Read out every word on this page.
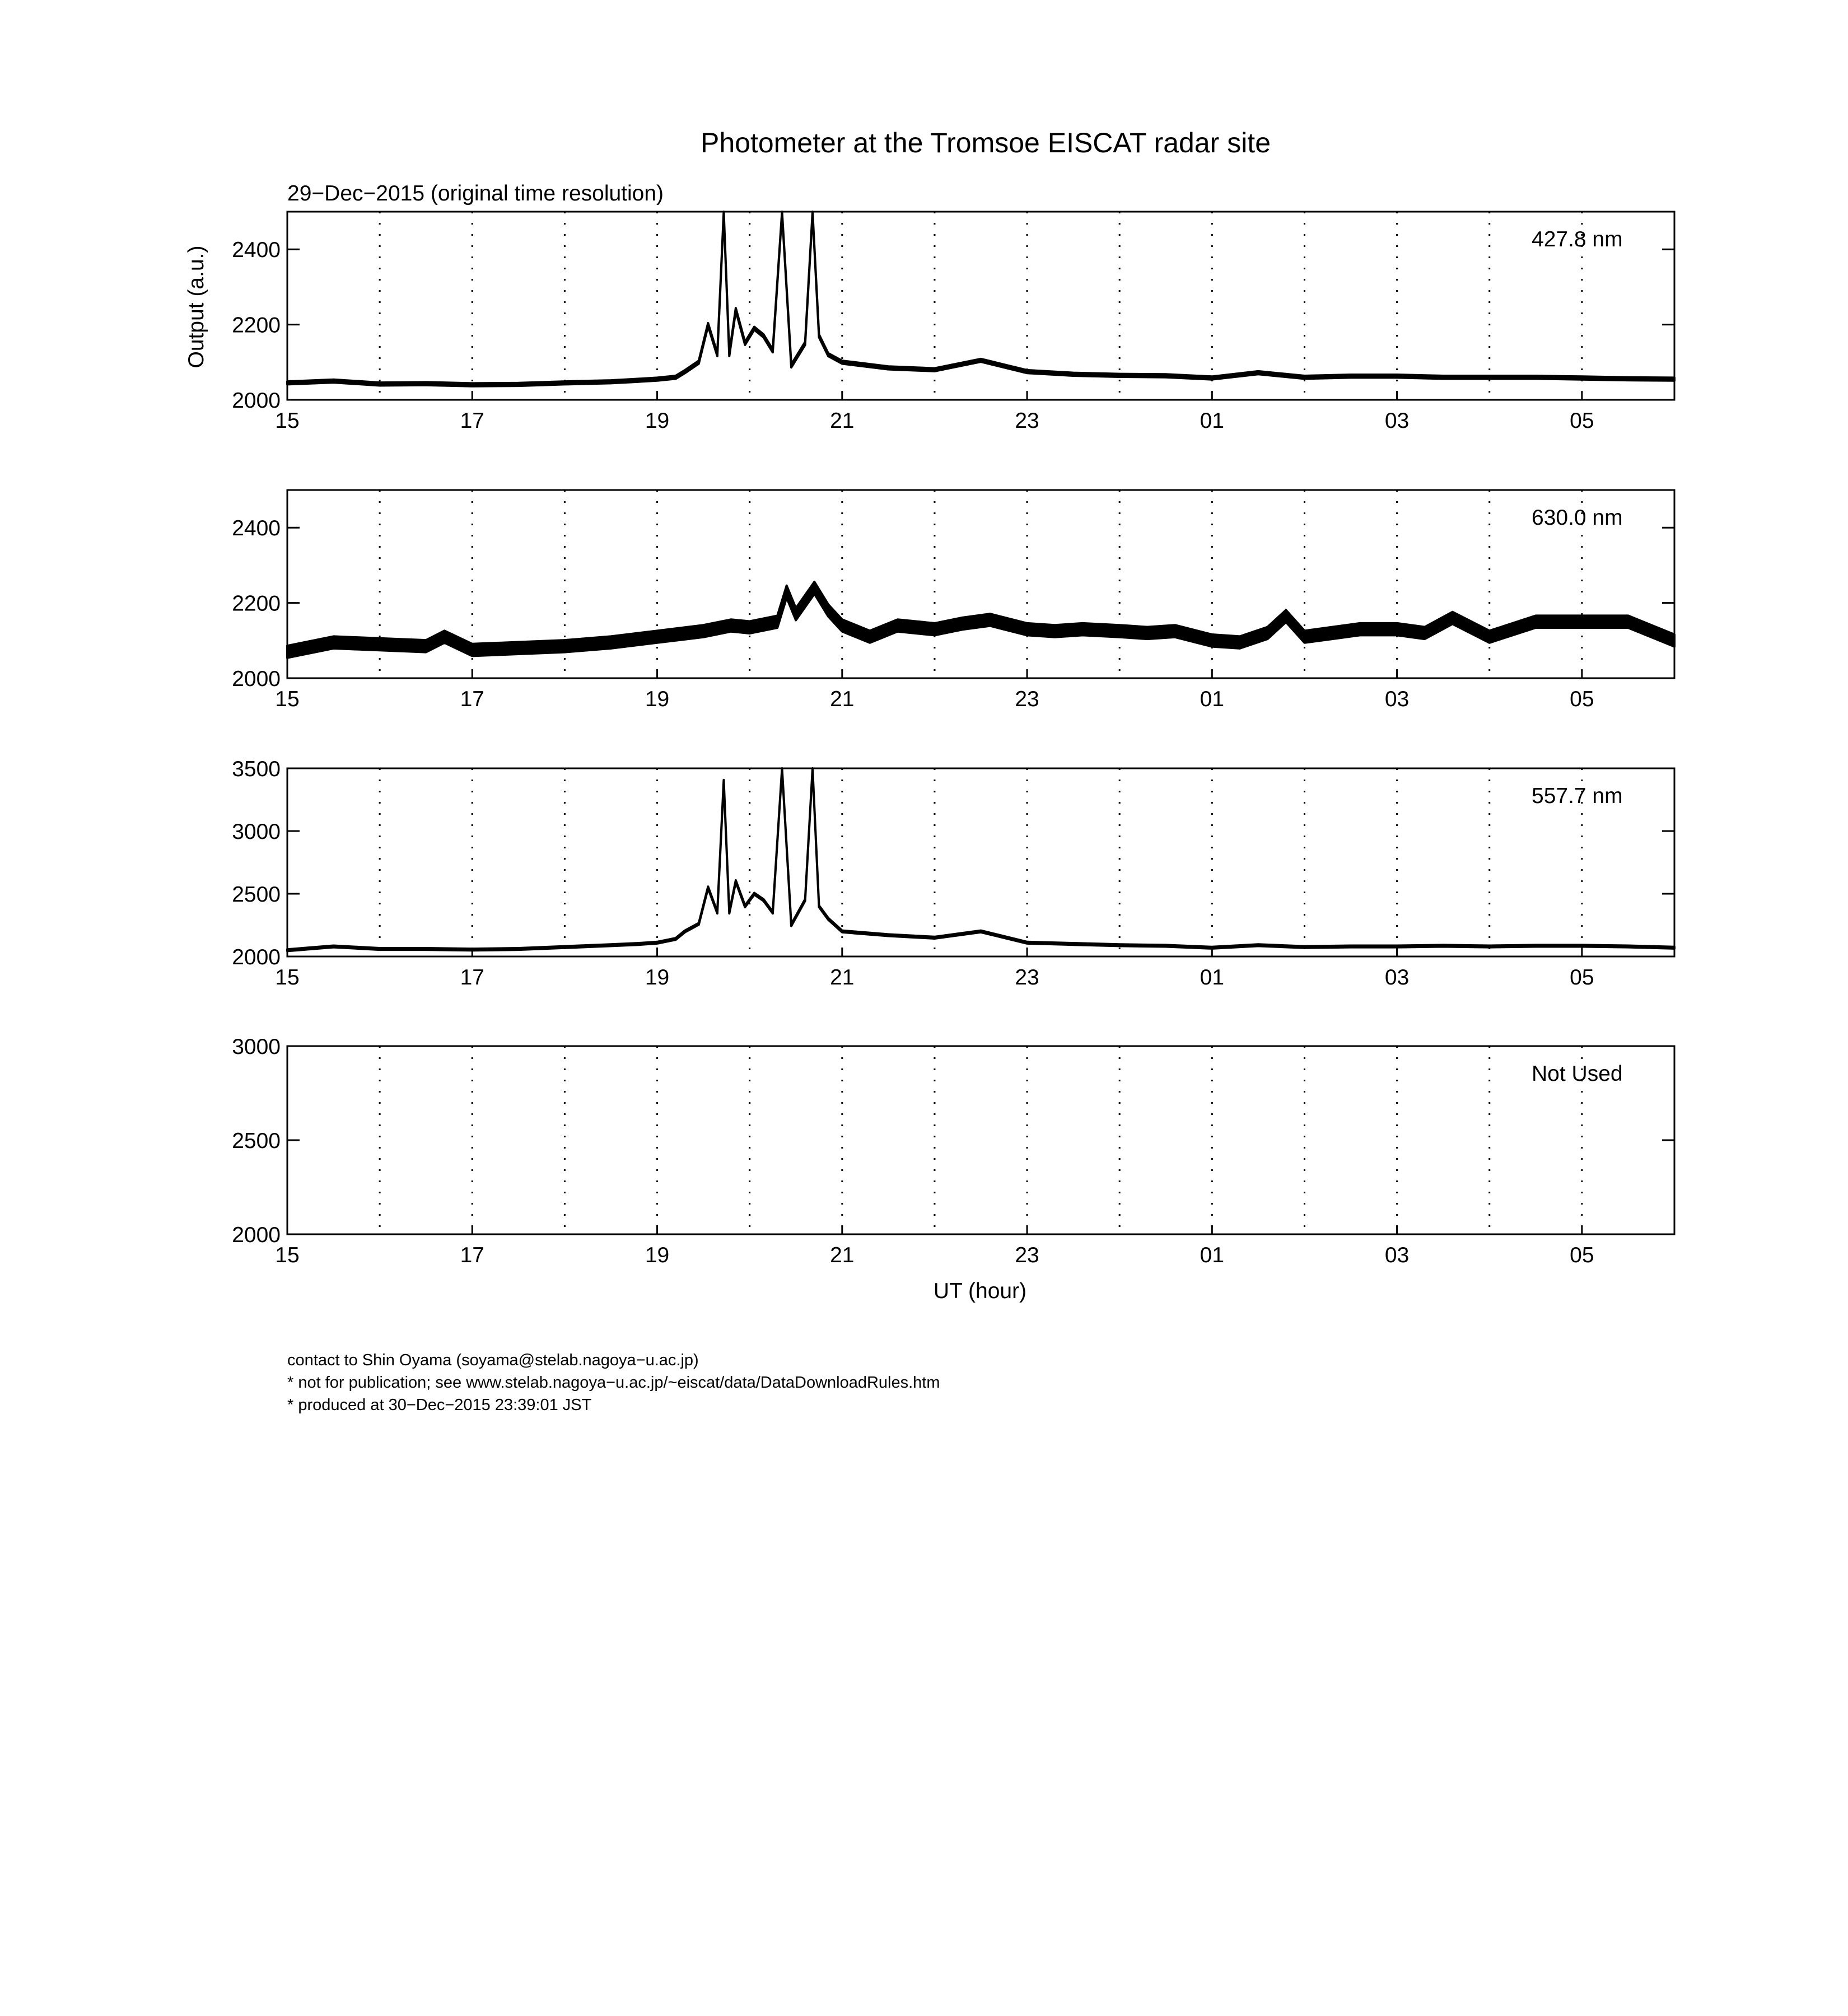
Photometer at the Tromsoe EISCAT radar site
29−Dec−2015 (original time resolution)
Output (a.u.)
UT (hour)
2000
2200
2400
15	17	19	21	23	01	03	05
427.8 nm
2000
2200
2400
15	17	19	21	23	01	03	05
630.0 nm
2000
2500
3000
3500
15	17	19	21	23	01	03	05
557.7 nm
2000
2500
3000
15	17	19	21	23	01	03	05
Not Used
contact to Shin Oyama (soyama@stelab.nagoya−u.ac.jp)
* not for publication; see www.stelab.nagoya−u.ac.jp/~eiscat/data/DataDownloadRules.htm
* produced at 30−Dec−2015 23:39:01 JST
